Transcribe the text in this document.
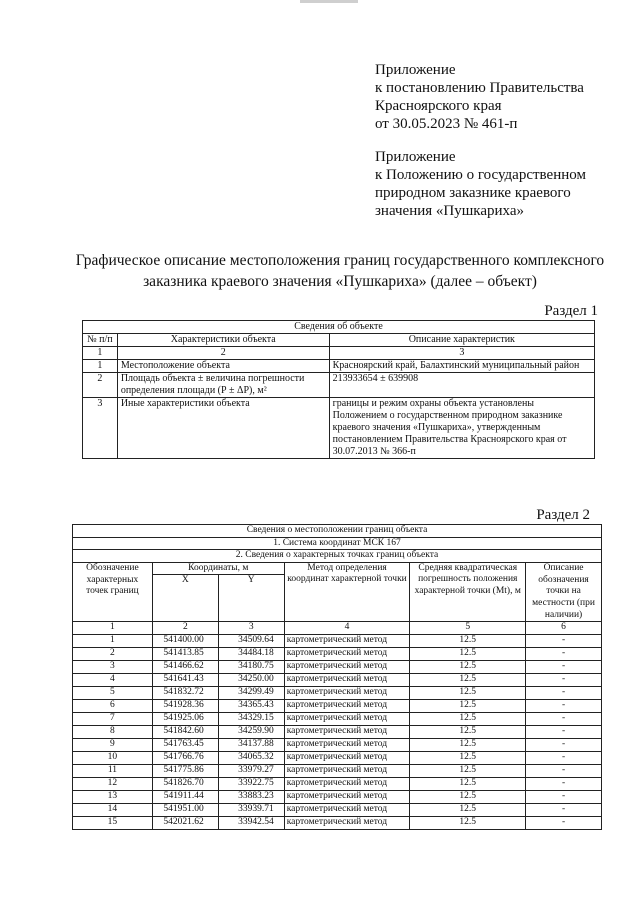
Приложение
к постановлению Правительства
Красноярского края
от 30.05.2023 № 461-п
Приложение
к Положению о государственном
природном заказнике краевого
значения «Пушкариха»
Графическое описание местоположения границ государственного комплексного
заказника краевого значения «Пушкариха» (далее – объект)
Раздел 1
Сведения об объекте		
№ п/п	Характеристики объекта	Описание характеристик
1	2	3
1	Местоположение объекта	Красноярский край, Балахтинский муниципальный район
2	Площадь объекта ± величина погрешности определения площади (Р ± ΔР), м²	213933654 ± 639908
3	Иные характеристики объекта	границы и режим охраны объекта установлены Положением о государственном природном заказнике краевого значения «Пушкариха», утвержденным постановлением Правительства Красноярского края от 30.07.2013 № 366-п
Раздел 2
Сведения о местоположении границ объекта					
1. Система координат МСК 167					
2. Сведения о характерных точках границ объекта					
Обозначение	Координаты, м		Метод определения координат характерной точки	Средняя квадратическая погрешность положения характерной точки (Mt), м	Описание
характерных точек границ	X	Y			обозначения точки на местности (при наличии)
1	2	3	4	5	6
1	541400.00	34509.64	картометрический метод	12.5	-
2	541413.85	34484.18	картометрический метод	12.5	-
3	541466.62	34180.75	картометрический метод	12.5	-
4	541641.43	34250.00	картометрический метод	12.5	-
5	541832.72	34299.49	картометрический метод	12.5	-
6	541928.36	34365.43	картометрический метод	12.5	-
7	541925.06	34329.15	картометрический метод	12.5	-
8	541842.60	34259.90	картометрический метод	12.5	-
9	541763.45	34137.88	картометрический метод	12.5	-
10	541766.76	34065.32	картометрический метод	12.5	-
11	541775.86	33979.27	картометрический метод	12.5	-
12	541826.70	33922.75	картометрический метод	12.5	-
13	541911.44	33883.23	картометрический метод	12.5	-
14	541951.00	33939.71	картометрический метод	12.5	-
15	542021.62	33942.54	картометрический метод	12.5	-
